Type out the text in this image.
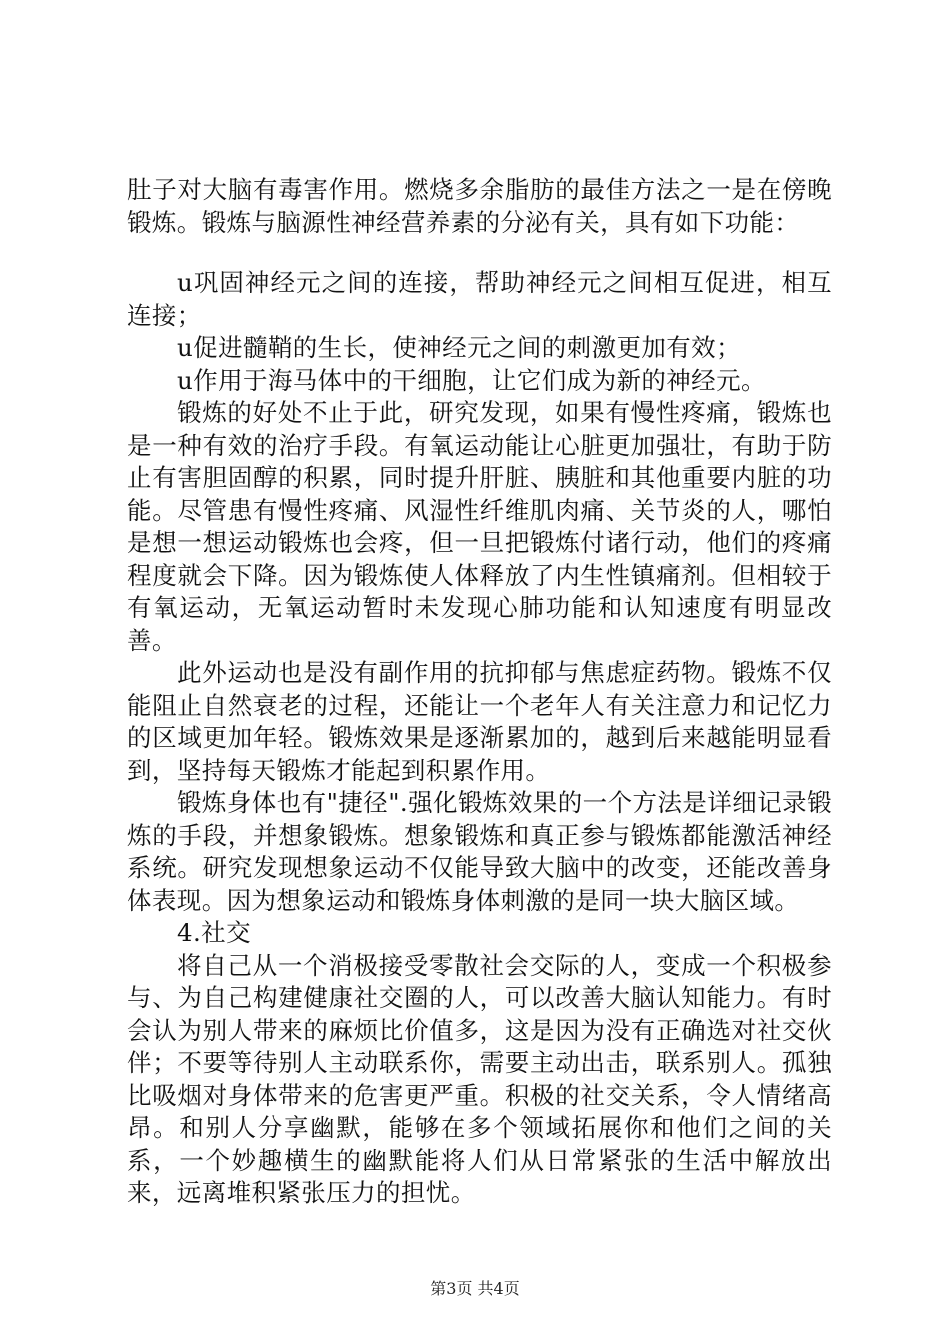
肚子对大脑有毒害作用。燃烧多余脂肪的最佳方法之一是在傍晚锻炼。锻炼与脑源性神经营养素的分泌有关，具有如下功能：

u巩固神经元之间的连接，帮助神经元之间相互促进，相互连接；

u促进髓鞘的生长，使神经元之间的刺激更加有效；

u作用于海马体中的干细胞，让它们成为新的神经元。

锻炼的好处不止于此，研究发现，如果有慢性疼痛，锻炼也是一种有效的治疗手段。有氧运动能让心脏更加强壮，有助于防止有害胆固醇的积累，同时提升肝脏、胰脏和其他重要内脏的功能。尽管患有慢性疼痛、风湿性纤维肌肉痛、关节炎的人，哪怕是想一想运动锻炼也会疼，但一旦把锻炼付诸行动，他们的疼痛程度就会下降。因为锻炼使人体释放了内生性镇痛剂。但相较于有氧运动，无氧运动暂时未发现心肺功能和认知速度有明显改善。

此外运动也是没有副作用的抗抑郁与焦虑症药物。锻炼不仅能阻止自然衰老的过程，还能让一个老年人有关注意力和记忆力的区域更加年轻。锻炼效果是逐渐累加的，越到后来越能明显看到，坚持每天锻炼才能起到积累作用。

锻炼身体也有"捷径".强化锻炼效果的一个方法是详细记录锻炼的手段，并想象锻炼。想象锻炼和真正参与锻炼都能激活神经系统。研究发现想象运动不仅能导致大脑中的改变，还能改善身体表现。因为想象运动和锻炼身体刺激的是同一块大脑区域。

4.社交

将自己从一个消极接受零散社会交际的人，变成一个积极参与、为自己构建健康社交圈的人，可以改善大脑认知能力。有时会认为别人带来的麻烦比价值多，这是因为没有正确选对社交伙伴；不要等待别人主动联系你，需要主动出击，联系别人。孤独比吸烟对身体带来的危害更严重。积极的社交关系，令人情绪高昂。和别人分享幽默，能够在多个领域拓展你和他们之间的关系，一个妙趣横生的幽默能将人们从日常紧张的生活中解放出来，远离堆积紧张压力的担忧。

第3页 共4页
